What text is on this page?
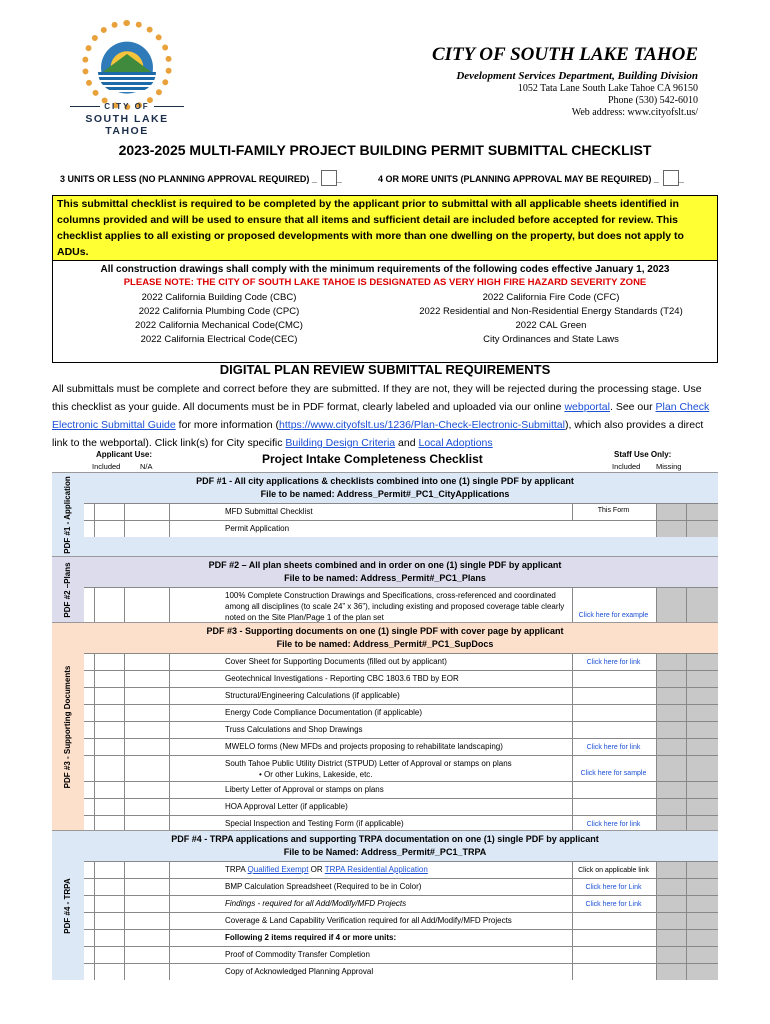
CITY OF
SOUTH LAKE TAHOE
CITY OF SOUTH LAKE TAHOE
Development Services Department, Building Division
1052 Tata Lane South Lake Tahoe CA 96150
Phone (530) 542-6010
Web address: www.cityofslt.us/
2023-2025 MULTI-FAMILY PROJECT BUILDING PERMIT SUBMITTAL CHECKLIST
3 UNITS OR LESS (NO PLANNING APPROVAL REQUIRED) _ _	4 OR MORE UNITS (PLANNING APPROVAL MAY BE REQUIRED) _ _
This submittal checklist is required to be completed by the applicant prior to submittal with all applicable sheets identified in columns provided and will be used to ensure that all items and sufficient detail are included before accepted for review. This checklist applies to all existing or proposed developments with more than one dwelling on the property, but does not apply to ADUs.
All construction drawings shall comply with the minimum requirements of the following codes effective January 1, 2023
PLEASE NOTE: THE CITY OF SOUTH LAKE TAHOE IS DESIGNATED AS VERY HIGH FIRE HAZARD SEVERITY ZONE
2022 California Building Code (CBC)	2022 California Fire Code (CFC)
2022 California Plumbing Code (CPC)	2022 Residential and Non-Residential Energy Standards (T24)
2022 California Mechanical Code(CMC)	2022 CAL Green
2022 California Electrical Code(CEC)	City Ordinances and State Laws
DIGITAL PLAN REVIEW SUBMITTAL REQUIREMENTS
All submittals must be complete and correct before they are submitted. If they are not, they will be rejected during the processing stage. Use this checklist as your guide. All documents must be in PDF format, clearly labeled and uploaded via our online webportal. See our Plan Check Electronic Submittal Guide for more information (https://www.cityofslt.us/1236/Plan-Check-Electronic-Submittal), which also provides a direct link to the webportal). Click link(s) for City specific Building Design Criteria and Local Adoptions
Applicant Use:
Included	N/A
Project Intake Completeness Checklist	Staff Use Only:
Included Missing
PDF #1 - Application	PDF #1 - All city applications & checklists combined into one (1) single PDF by applicant
File to be named: Address_Permit#_PC1_CityApplications
MFD Submittal Checklist	This Form
Permit Application
PDF #2 –Plans	PDF #2 – All plan sheets combined and in order on one (1) single PDF by applicant
File to be named: Address_Permit#_PC1_Plans
100% Complete Construction Drawings and Specifications, cross-referenced and coordinated among all disciplines (to scale 24” x 36”), including existing and proposed coverage table clearly noted on the Site Plan/Page 1 of the plan set	Click here for example
PDF #3 - Supporting Documents
PDF #3 - Supporting documents on one (1) single PDF with cover page by applicant
File to be named: Address_Permit#_PC1_SupDocs
Cover Sheet for Supporting Documents (filled out by applicant)	Click here for link
Geotechnical Investigations - Reporting CBC 1803.6 TBD by EOR
Structural/Engineering Calculations (if applicable)
Energy Code Compliance Documentation (if applicable)
Truss Calculations and Shop Drawings
MWELO forms (New MFDs and projects proposing to rehabilitate landscaping)	Click here for link
South Tahoe Public Utility District (STPUD) Letter of Approval or stamps on plans
• Or other Lukins, Lakeside, etc.	Click here for sample
Liberty Letter of Approval or stamps on plans
HOA Approval Letter (if applicable)
Special Inspection and Testing Form (if applicable)	Click here for link
PDF #4 - TRPA
PDF #4 - TRPA applications and supporting TRPA documentation on one (1) single PDF by applicant
File to be Named: Address_Permit#_PC1_TRPA
TRPA Qualified Exempt OR TRPA Residential Application	Click on applicable link
BMP Calculation Spreadsheet (Required to be in Color)	Click here for Link
Findings - required for all Add/Modify/MFD Projects	Click here for Link
Coverage & Land Capability Verification required for all Add/Modify/MFD Projects
Following 2 items required if 4 or more units:
Proof of Commodity Transfer Completion
Copy of Acknowledged Planning Approval
